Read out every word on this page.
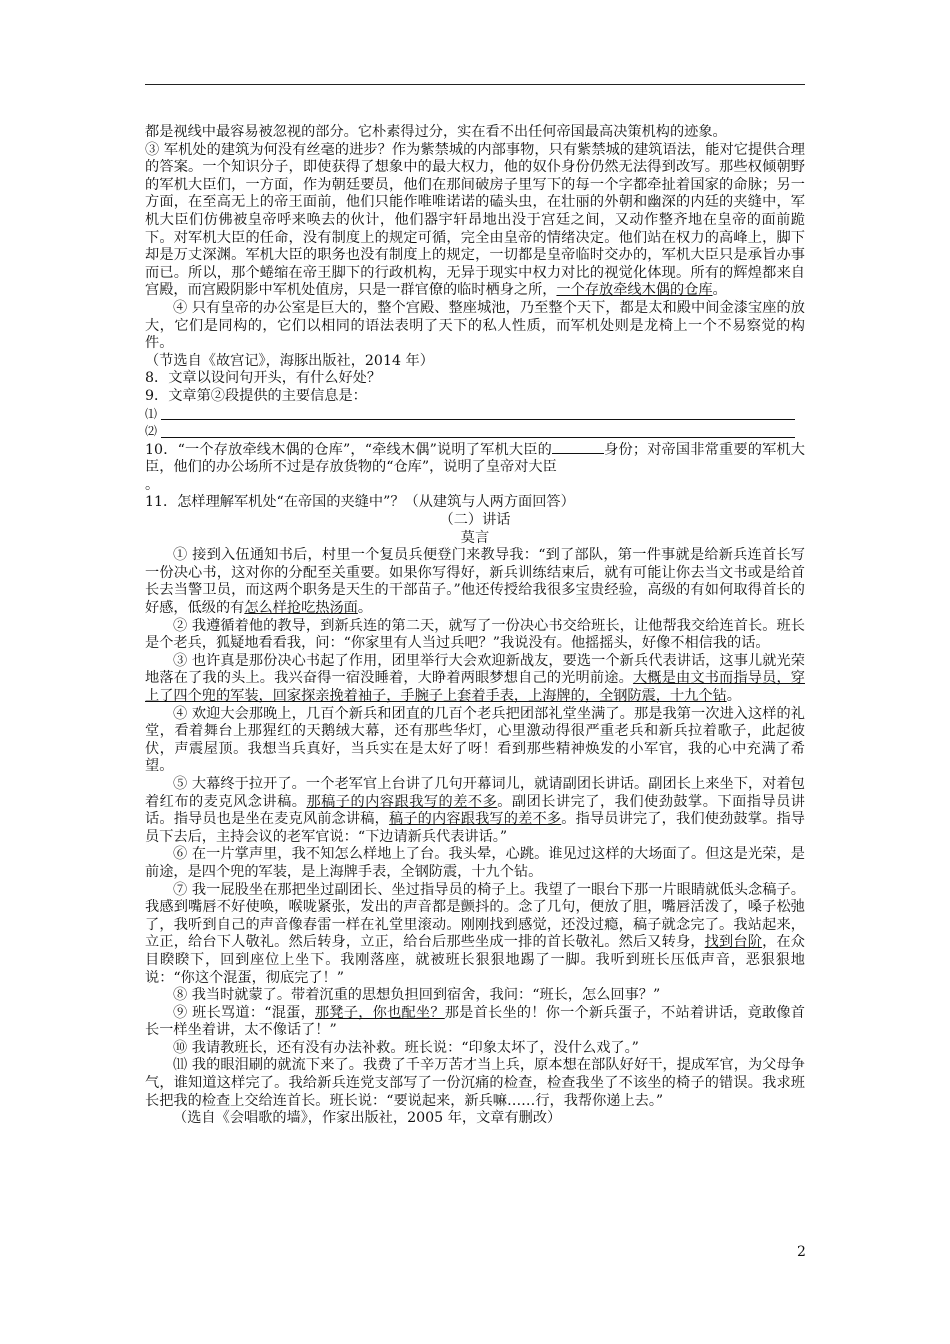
都是视线中最容易被忽视的部分。它朴素得过分，实在看不出任何帝国最高决策机构的迹象。

③ 军机处的建筑为何没有丝毫的进步？作为紫禁城的内部事物，只有紫禁城的建筑语法，能对它提供合理的答案。一个知识分子，即使获得了想象中的最大权力，他的奴仆身份仍然无法得到改写。那些权倾朝野的军机大臣们，一方面，作为朝廷要员，他们在那间破房子里写下的每一个字都牵扯着国家的命脉；另一方面，在至高无上的帝王面前，他们只能作唯唯诺诺的磕头虫，在壮丽的外朝和幽深的内廷的夹缝中，军机大臣们仿佛被皇帝呼来唤去的伙计，他们器宇轩昂地出没于宫廷之间，又动作整齐地在皇帝的面前跪下。对军机大臣的任命，没有制度上的规定可循，完全由皇帝的情绪决定。他们站在权力的高峰上，脚下却是万丈深渊。军机大臣的职务也没有制度上的规定，一切都是皇帝临时交办的，军机大臣只是承旨办事而已。所以，那个蜷缩在帝王脚下的行政机构，无异于现实中权力对比的视觉化体现。所有的辉煌都来自宫殿，而宫殿阴影中军机处值房，只是一群官僚的临时栖身之所，一个存放牵线木偶的仓库。

④ 只有皇帝的办公室是巨大的，整个宫殿、整座城池，乃至整个天下，都是太和殿中间金漆宝座的放大，它们是同构的，它们以相同的语法表明了天下的私人性质，而军机处则是龙椅上一个不易察觉的构件。

（节选自《故宫记》，海豚出版社，2014 年）

8．文章以设问句开头，有什么好处？

9．文章第②段提供的主要信息是：

⑴
⑵

10．“一个存放牵线木偶的仓库”，“牵线木偶”说明了军机大臣的	身份；对帝国非常重要的军机大臣，他们的办公场所不过是存放货物的“仓库”，说明了皇帝对大臣
。

11．怎样理解军机处“在帝国的夹缝中”？（从建筑与人两方面回答）

（二）讲话

莫言

① 接到入伍通知书后，村里一个复员兵便登门来教导我：“到了部队，第一件事就是给新兵连首长写一份决心书，这对你的分配至关重要。如果你写得好，新兵训练结束后，就有可能让你去当文书或是给首长去当警卫员，而这两个职务是天生的干部苗子。”他还传授给我很多宝贵经验，高级的有如何取得首长的好感，低级的有怎么样抢吃热汤面。

② 我遵循着他的教导，到新兵连的第二天，就写了一份决心书交给班长，让他帮我交给连首长。班长是个老兵，狐疑地看看我，问：“你家里有人当过兵吧？”我说没有。他摇摇头，好像不相信我的话。

③ 也许真是那份决心书起了作用，团里举行大会欢迎新战友，要选一个新兵代表讲话，这事儿就光荣地落在了我的头上。我兴奋得一宿没睡着，大睁着两眼梦想自己的光明前途。大概是由文书而指导员，穿上了四个兜的军装，回家探亲挽着袖子，手腕子上套着手表，上海牌的，全钢防震，十九个钻。

④ 欢迎大会那晚上，几百个新兵和团直的几百个老兵把团部礼堂坐满了。那是我第一次进入这样的礼堂，看着舞台上那猩红的天鹅绒大幕，还有那些华灯，心里激动得很严重老兵和新兵拉着歌子，此起彼伏，声震屋顶。我想当兵真好，当兵实在是太好了呀！看到那些精神焕发的小军官，我的心中充满了希望。

⑤ 大幕终于拉开了。一个老军官上台讲了几句开幕词儿，就请副团长讲话。副团长上来坐下，对着包着红布的麦克风念讲稿。那稿子的内容跟我写的差不多。副团长讲完了，我们使劲鼓掌。下面指导员讲话。指导员也是坐在麦克风前念讲稿，稿子的内容跟我写的差不多。指导员讲完了，我们使劲鼓掌。指导员下去后，主持会议的老军官说：“下边请新兵代表讲话。”

⑥ 在一片掌声里，我不知怎么样地上了台。我头晕，心跳。谁见过这样的大场面了。但这是光荣，是前途，是四个兜的军装，是上海牌手表，全钢防震，十九个钻。

⑦ 我一屁股坐在那把坐过副团长、坐过指导员的椅子上。我望了一眼台下那一片眼睛就低头念稿子。我感到嘴唇不好使唤，喉咙紧张，发出的声音都是颤抖的。念了几句，便放了胆，嘴唇活泼了，嗓子松弛了，我听到自己的声音像春雷一样在礼堂里滚动。刚刚找到感觉，还没过瘾，稿子就念完了。我站起来，立正，给台下人敬礼。然后转身，立正，给台后那些坐成一排的首长敬礼。然后又转身，找到台阶，在众目睽睽下，回到座位上坐下。我刚落座，就被班长狠狠地踢了一脚。我听到班长压低声音，恶狠狠地说：“你这个混蛋，彻底完了！”

⑧ 我当时就蒙了。带着沉重的思想负担回到宿舍，我问：“班长，怎么回事？”

⑨ 班长骂道：“混蛋，那凳子，你也配坐？那是首长坐的！你一个新兵蛋子，不站着讲话，竟敢像首长一样坐着讲，太不像话了！”

⑩ 我请教班长，还有没有办法补救。班长说：“印象太坏了，没什么戏了。”

⑾ 我的眼泪刷的就流下来了。我费了千辛万苦才当上兵，原本想在部队好好干，提成军官，为父母争气，谁知道这样完了。我给新兵连党支部写了一份沉痛的检查，检查我坐了不该坐的椅子的错误。我求班长把我的检查上交给连首长。班长说：“要说起来，新兵嘛……行，我帮你递上去。”

（选自《会唱歌的墙》，作家出版社，2005 年，文章有删改）

2
